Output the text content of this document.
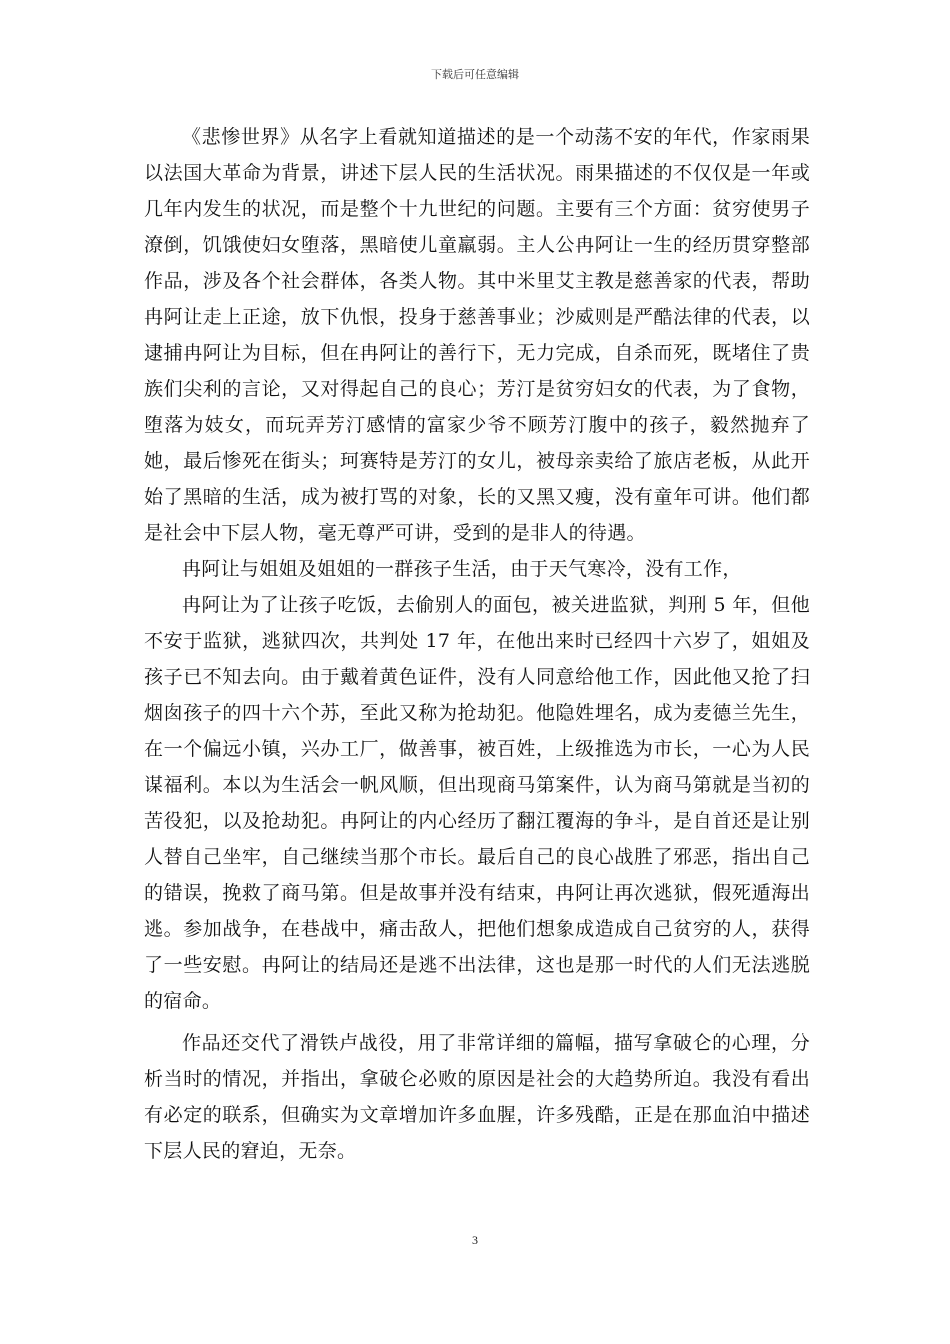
下载后可任意编辑

《悲惨世界》从名字上看就知道描述的是一个动荡不安的年代，作家雨果以法国大革命为背景，讲述下层人民的生活状况。雨果描述的不仅仅是一年或几年内发生的状况，而是整个十九世纪的问题。主要有三个方面：贫穷使男子潦倒，饥饿使妇女堕落，黑暗使儿童羸弱。主人公冉阿让一生的经历贯穿整部作品，涉及各个社会群体，各类人物。其中米里艾主教是慈善家的代表，帮助冉阿让走上正途，放下仇恨，投身于慈善事业；沙威则是严酷法律的代表，以逮捕冉阿让为目标，但在冉阿让的善行下，无力完成，自杀而死，既堵住了贵族们尖利的言论，又对得起自己的良心；芳汀是贫穷妇女的代表，为了食物，堕落为妓女，而玩弄芳汀感情的富家少爷不顾芳汀腹中的孩子，毅然抛弃了她，最后惨死在街头；珂赛特是芳汀的女儿，被母亲卖给了旅店老板，从此开始了黑暗的生活，成为被打骂的对象，长的又黑又瘦，没有童年可讲。他们都是社会中下层人物，毫无尊严可讲，受到的是非人的待遇。

冉阿让与姐姐及姐姐的一群孩子生活，由于天气寒冷，没有工作，

冉阿让为了让孩子吃饭，去偷别人的面包，被关进监狱，判刑 5 年，但他不安于监狱，逃狱四次，共判处 17 年，在他出来时已经四十六岁了，姐姐及孩子已不知去向。由于戴着黄色证件，没有人同意给他工作，因此他又抢了扫烟囱孩子的四十六个苏，至此又称为抢劫犯。他隐姓埋名，成为麦德兰先生，在一个偏远小镇，兴办工厂，做善事，被百姓，上级推选为市长，一心为人民谋福利。本以为生活会一帆风顺，但出现商马第案件，认为商马第就是当初的苦役犯，以及抢劫犯。冉阿让的内心经历了翻江覆海的争斗，是自首还是让别人替自己坐牢，自己继续当那个市长。最后自己的良心战胜了邪恶，指出自己的错误，挽救了商马第。但是故事并没有结束，冉阿让再次逃狱，假死遁海出逃。参加战争，在巷战中，痛击敌人，把他们想象成造成自己贫穷的人，获得了一些安慰。冉阿让的结局还是逃不出法律，这也是那一时代的人们无法逃脱的宿命。

作品还交代了滑铁卢战役，用了非常详细的篇幅，描写拿破仑的心理，分析当时的情况，并指出，拿破仑必败的原因是社会的大趋势所迫。我没有看出有必定的联系，但确实为文章增加许多血腥，许多残酷，正是在那血泊中描述下层人民的窘迫，无奈。

3
